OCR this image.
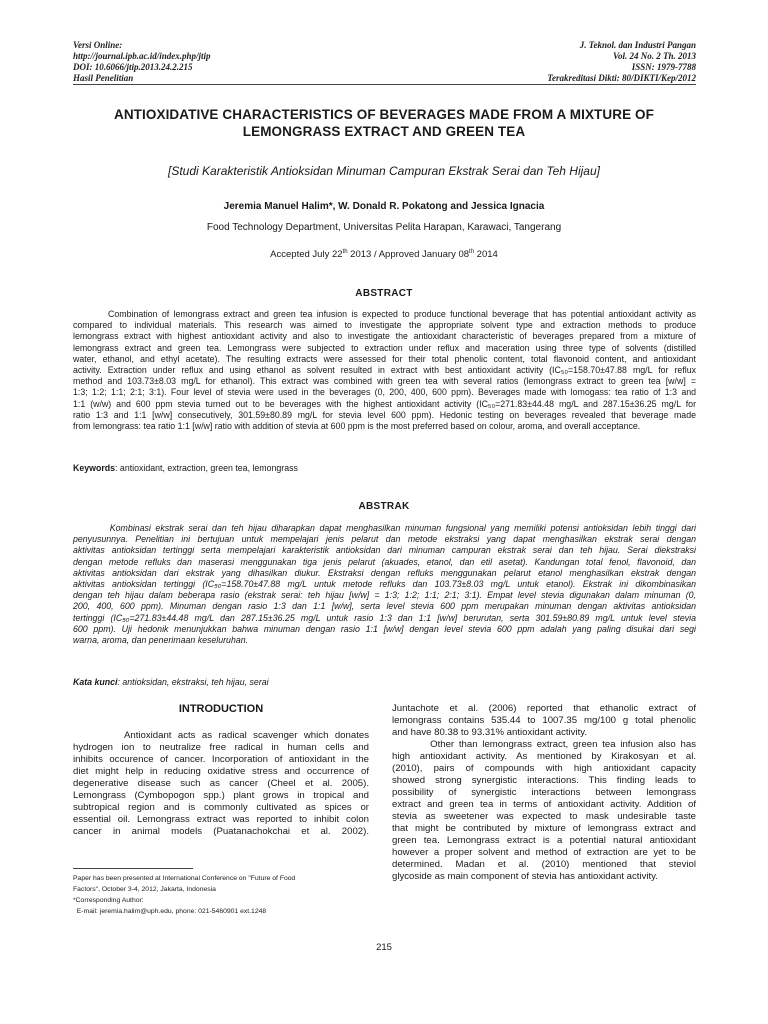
Versi Online:
http://journal.ipb.ac.id/index.php/jtip
DOI: 10.6066/jtip.2013.24.2.215
Hasil Penelitian
J. Teknol. dan Industri Pangan
Vol. 24 No. 2 Th. 2013
ISSN: 1979-7788
Terakreditasi Dikti: 80/DIKTI/Kep/2012
ANTIOXIDATIVE CHARACTERISTICS OF BEVERAGES MADE FROM A MIXTURE OF
LEMONGRASS EXTRACT AND GREEN TEA
[Studi Karakteristik Antioksidan Minuman Campuran Ekstrak Serai dan Teh Hijau]
Jeremia Manuel Halim*, W. Donald R. Pokatong and Jessica Ignacia
Food Technology Department, Universitas Pelita Harapan, Karawaci, Tangerang
Accepted July 22th 2013 / Approved January 08th 2014
ABSTRACT
Combination of lemongrass extract and green tea infusion is expected to produce functional beverage that has potential antioxidant activity as
compared to individual materials. This research was aimed to investigate the appropriate solvent type and extraction methods to produce
lemongrass extract with highest antioxidant activity and also to investigate the antioxidant characteristic of beverages prepared from a mixture of
lemongrass extract and green tea. Lemongrass were subjected to extraction under reflux and maceration using three type of solvents (distilled
water, ethanol, and ethyl acetate). The resulting extracts were assessed for their total phenolic content, total flavonoid content, and antioxidant
activity. Extraction under reflux and using ethanol as solvent resulted in extract with best antioxidant activity (IC₅₀=158.70±47.88 mg/L for reflux
method and 103.73±8.03 mg/L for ethanol). This extract was combined with green tea with several ratios (lemongrass extract to green tea [w/w] =
1:3; 1:2; 1:1; 2:1; 3:1). Four level of stevia were used in the beverages (0, 200, 400, 600 ppm). Beverages made with lomogass: tea ratio of 1:3 and
1:1 (w/w) and 600 ppm stevia turned out to be beverages with the highest antioxidant activity (IC₅₀=271.83±44.48 mg/L and 287.15±36.25 mg/L for
ratio 1:3 and 1:1 [w/w] consecutively, 301.59±80.89 mg/L for stevia level 600 ppm). Hedonic testing on beverages revealed that beverage made
from lemongrass: tea ratio 1:1 [w/w] ratio with addition of stevia at 600 ppm is the most preferred based on colour, aroma, and overall acceptance.
Keywords: antioxidant, extraction, green tea, lemongrass
ABSTRAK
Kombinasi ekstrak serai dan teh hijau diharapkan dapat menghasilkan minuman fungsional yang memiliki potensi antioksidan lebih tinggi dari
penyusunnya. Penelitian ini bertujuan untuk mempelajari jenis pelarut dan metode ekstraksi yang dapat menghasilkan ekstrak serai dengan
aktivitas antioksidan tertinggi serta mempelajari karakteristik antioksidan dari minuman campuran ekstrak serai dan teh hijau. Serai diekstraksi
dengan metode refluks dan maserasi menggunakan tiga jenis pelarut (akuades, etanol, dan etil asetat). Kandungan total fenol, flavonoid, dan
aktivitas antioksidan dari ekstrak yang dihasilkan diukur. Ekstraksi dengan refluks menggunakan pelarut etanol menghasilkan ekstrak dengan
aktivitas antioksidan tertinggi (IC₅₀=158.70±47.88 mg/L untuk metode refluks dan 103.73±8.03 mg/L untuk etanol). Ekstrak ini dikombinasikan
dengan teh hijau dalam beberapa rasio (ekstrak serai: teh hijau [w/w] = 1:3; 1:2; 1:1; 2:1; 3:1). Empat level stevia digunakan dalam minuman (0,
200, 400, 600 ppm). Minuman dengan rasio 1:3 dan 1:1 [w/w], serta level stevia 600 ppm merupakan minuman dengan aktivitas antioksidan
tertinggi (IC₅₀=271.83±44.48 mg/L dan 287.15±36.25 mg/L untuk rasio 1:3 dan 1:1 [w/w] berurutan, serta 301.59±80.89 mg/L untuk level stevia
600 ppm). Uji hedonik menunjukkan bahwa minuman dengan rasio 1:1 [w/w] dengan level stevia 600 ppm adalah yang paling disukai dari segi
warna, aroma, dan penerimaan keseluruhan.
Kata kunci: antioksidan, ekstraksi, teh hijau, serai
INTRODUCTION
Antioxidant acts as radical scavenger which donates
hydrogen ion to neutralize free radical in human cells and
inhibits occurence of cancer. Incorporation of antioxidant in the
diet might help in reducing oxidative stress and occurrence of
degenerative disease such as cancer (Cheel et al. 2005).
Lemongrass (Cymbopogon spp.) plant grows in tropical and
subtropical region and is commonly cultivated as spices or
essential oil. Lemongrass extract was reported to inhibit colon
cancer in animal models (Puatanachokchai et al. 2002).
Juntachote et al. (2006) reported that ethanolic extract of
lemongrass contains 535.44 to 1007.35 mg/100 g total phenolic
and have 80.38 to 93.31% antioxidant activity.
Other than lemongrass extract, green tea infusion also has
high antioxidant activity. As mentioned by Kirakosyan et al.
(2010), pairs of compounds with high antioxidant capacity
showed strong synergistic interactions. This finding leads to
possibility of synergistic interactions between lemongrass
extract and green tea in terms of antioxidant activity. Addition of
stevia as sweetener was expected to mask undesirable taste
that might be contributed by mixture of lemongrass extract and
green tea. Lemongrass extract is a potential natural antioxidant
however a proper solvent and method of extraction are yet to be
determined. Madan et al. (2010) mentioned that steviol
glycoside as main component of stevia has antioxidant activity.
Paper has been presented at International Conference on "Future of Food
Factors", October 3-4, 2012, Jakarta, Indonesia
*Corresponding Author:
E-mail: jeremia.halim@uph.edu, phone: 021-5460901 ext.1248
215
